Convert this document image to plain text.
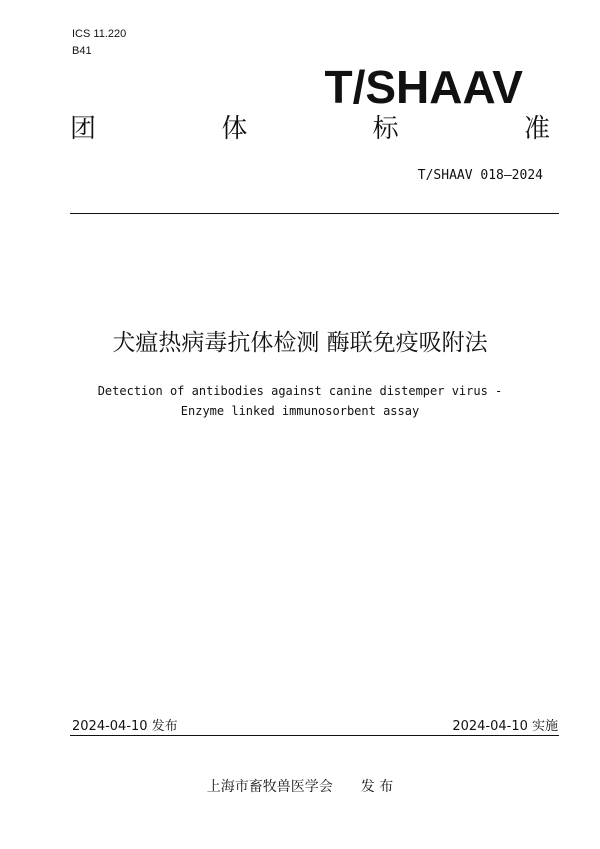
ICS 11.220
B41
T/SHAAV
团	体	标	准
T/SHAAV 018—2024
犬瘟热病毒抗体检测 酶联免疫吸附法
Detection of antibodies against canine distemper virus -
Enzyme linked immunosorbent assay
2024-04-10 发布	2024-04-10 实施
上海市畜牧兽医学会 发 布
